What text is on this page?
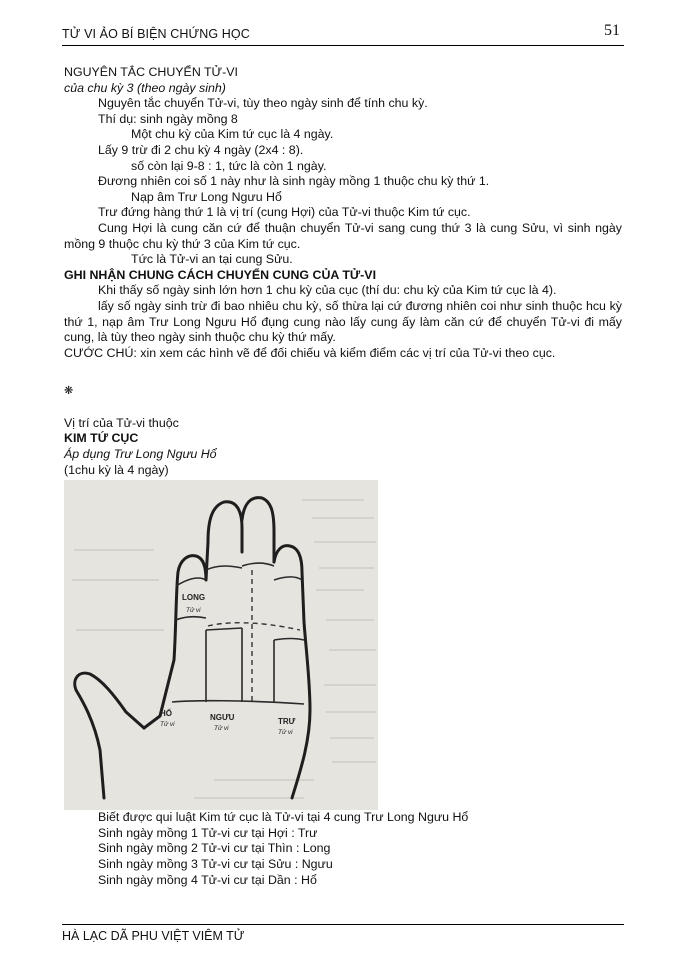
TỬ VI ẢO BÍ BIỆN CHỨNG HỌC	51

NGUYÊN TẮC CHUYỂN TỬ-VI

của chu kỳ 3 (theo ngày sinh)

Nguyên tắc chuyển Tử-vi, tùy theo ngày sinh để tính chu kỳ.

Thí dụ: sinh ngày mồng 8

Một chu kỳ của Kim tứ cục là 4 ngày.

Lấy 9 trừ đi 2 chu kỳ 4 ngày (2x4 : 8).

số còn lại 9-8 : 1, tức là còn 1 ngày.

Đương nhiên coi số 1 này như là sinh ngày mồng 1 thuộc chu kỳ thứ 1.

Nạp âm Trư Long Ngưu Hổ

Trư đứng hàng thứ 1 là vị trí (cung Hợi) của Tử-vi thuộc Kim tứ cục.

Cung Hợi là cung căn cứ để thuận chuyển Tử-vi sang cung thứ 3 là cung Sửu, vì sinh ngày mồng 9 thuộc chu kỳ thứ 3 của Kim tứ cục.

Tức là Tử-vi an tại cung Sửu.

GHI NHẬN CHUNG CÁCH CHUYỂN CUNG CỦA TỬ-VI

Khi thấy số ngày sinh lớn hơn 1 chu kỳ của cục (thí du: chu kỳ của Kim tứ cục là 4).

lấy số ngày sinh trừ đi bao nhiêu chu kỳ, số thừa lại cứ đương nhiên coi như sinh thuộc hcu kỳ thứ 1, nạp âm Trư Long Ngưu Hổ đụng cung nào lấy cung ấy làm căn cứ để chuyển Tử-vi đi mấy cung, là tùy theo ngày sinh thuộc chu kỳ thứ mấy.

CƯỚC CHÚ: xin xem các hình vẽ để đối chiếu và kiểm điểm các vị trí của Tử-vi theo cục.

❋

Vị trí của Tử-vi thuộc

KIM TỨ CỤC

Áp dụng Trư Long Ngưu Hổ

(1chu kỳ là 4 ngày)

LONG
Tử vi
HỔ
Tử vi
NGƯU
Tử vi
TRƯ
Tử vi

Biết được qui luật Kim tứ cục là Tử-vi tại 4 cung Trư Long Ngưu Hổ

Sinh ngày mồng 1 Tử-vi cư tại Hợi : Trư

Sinh ngày mồng 2 Tử-vi cư tại Thìn : Long

Sinh ngày mồng 3 Tử-vi cư tại Sửu : Ngưu

Sinh ngày mồng 4 Tử-vi cư tại Dần : Hổ

HÀ LẠC DÃ PHU VIỆT VIÊM TỬ
